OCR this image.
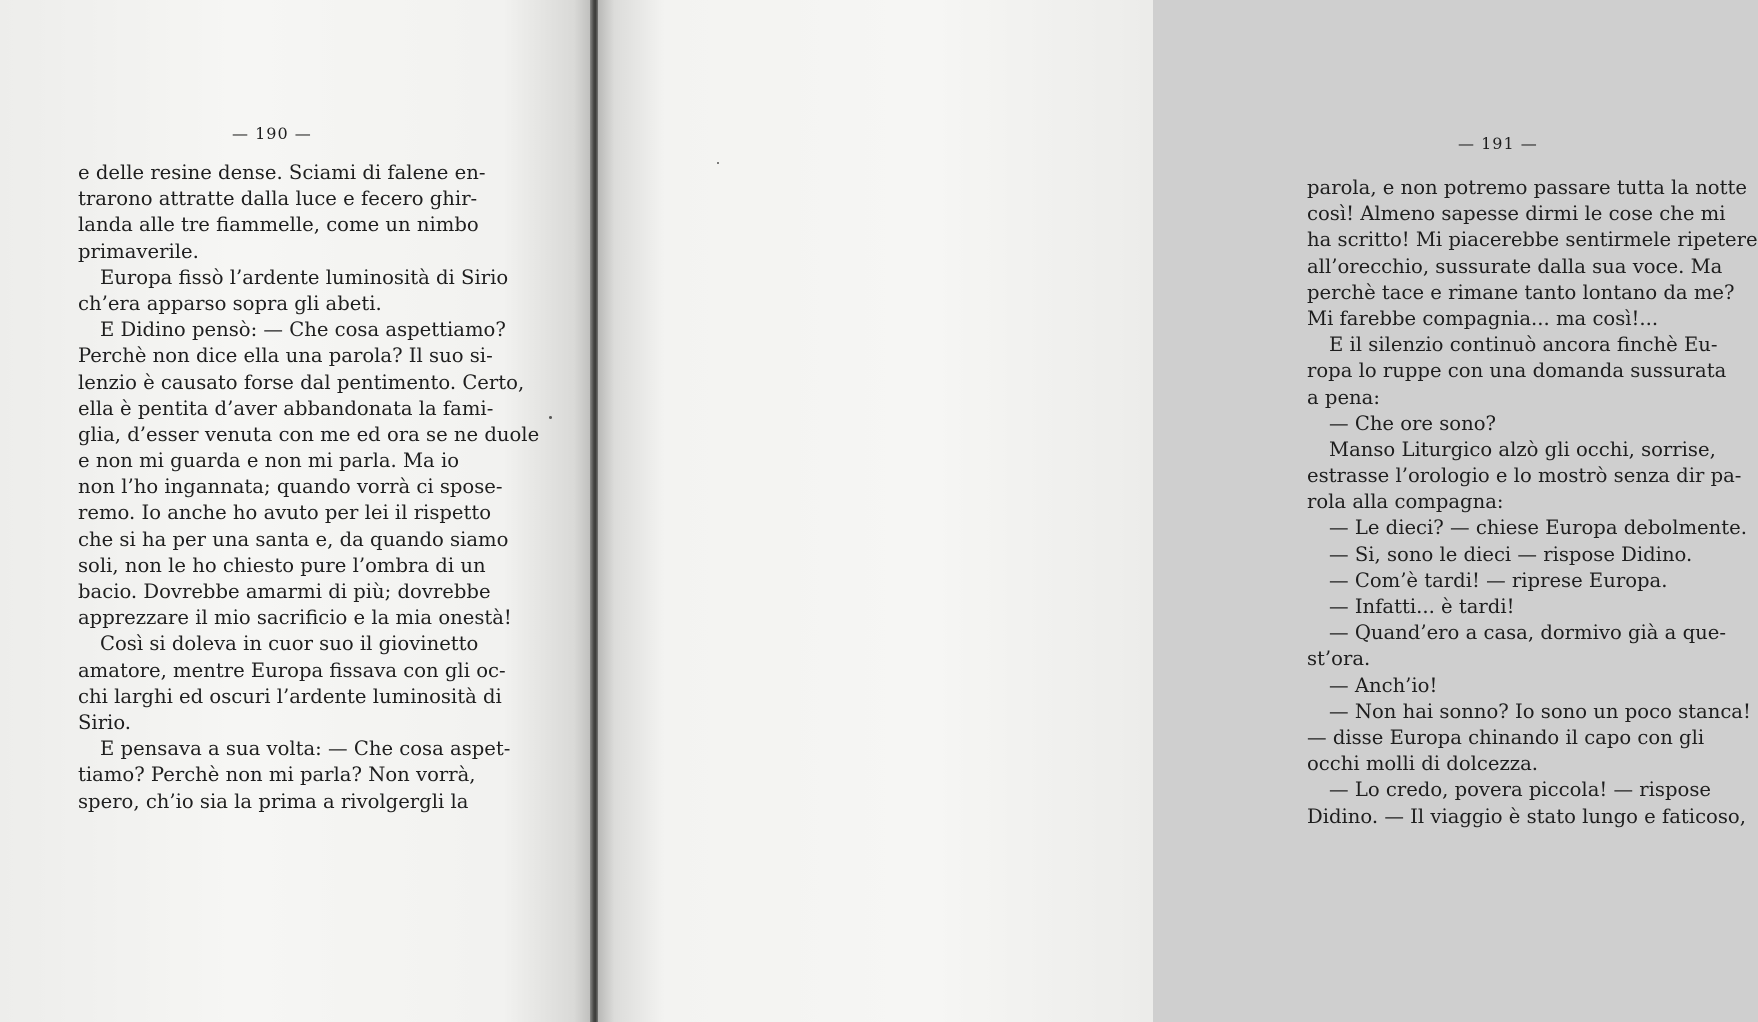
— 190 —
e delle resine dense. Sciami di falene en-
trarono attratte dalla luce e fecero ghir-
landa alle tre fiammelle, come un nimbo
primaverile.
Europa fissò l’ardente luminosità di Sirio
ch’era apparso sopra gli abeti.
E Didino pensò: — Che cosa aspettiamo?
Perchè non dice ella una parola? Il suo si-
lenzio è causato forse dal pentimento. Certo,
ella è pentita d’aver abbandonata la fami-
glia, d’esser venuta con me ed ora se ne duole
e non mi guarda e non mi parla. Ma io
non l’ho ingannata; quando vorrà ci spose-
remo. Io anche ho avuto per lei il rispetto
che si ha per una santa e, da quando siamo
soli, non le ho chiesto pure l’ombra di un
bacio. Dovrebbe amarmi di più; dovrebbe
apprezzare il mio sacrificio e la mia onestà!
Così si doleva in cuor suo il giovinetto
amatore, mentre Europa fissava con gli oc-
chi larghi ed oscuri l’ardente luminosità di
Sirio.
E pensava a sua volta: — Che cosa aspet-
tiamo? Perchè non mi parla? Non vorrà,
spero, ch’io sia la prima a rivolgergli la
— 191 —
parola, e non potremo passare tutta la notte
così! Almeno sapesse dirmi le cose che mi
ha scritto! Mi piacerebbe sentirmele ripetere
all’orecchio, sussurate dalla sua voce. Ma
perchè tace e rimane tanto lontano da me?
Mi farebbe compagnia... ma così!...
E il silenzio continuò ancora finchè Eu-
ropa lo ruppe con una domanda sussurata
a pena:
— Che ore sono?
Manso Liturgico alzò gli occhi, sorrise,
estrasse l’orologio e lo mostrò senza dir pa-
rola alla compagna:
— Le dieci? — chiese Europa debolmente.
— Si, sono le dieci — rispose Didino.
— Com’è tardi! — riprese Europa.
— Infatti... è tardi!
— Quand’ero a casa, dormivo già a que-
st’ora.
— Anch’io!
— Non hai sonno? Io sono un poco stanca!
— disse Europa chinando il capo con gli
occhi molli di dolcezza.
— Lo credo, povera piccola! — rispose
Didino. — Il viaggio è stato lungo e faticoso,
